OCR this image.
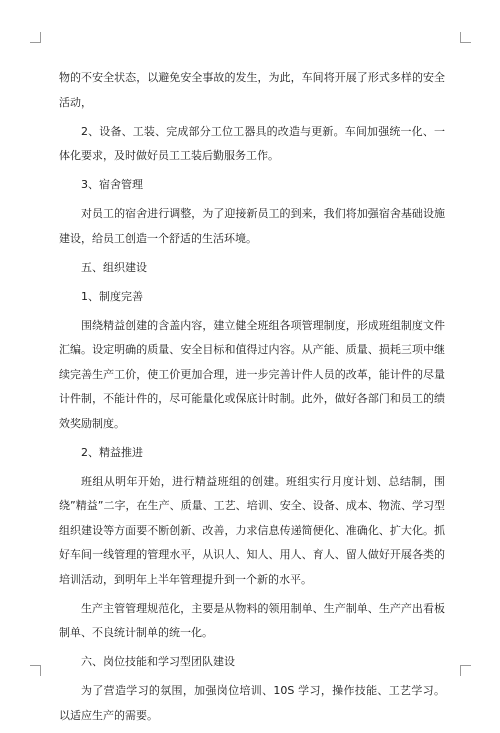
物的不安全状态，以避免安全事故的发生，为此，车间将开展了形式多样的安全活动，

2、设备、工装、完成部分工位工器具的改造与更新。车间加强统一化、一体化要求，及时做好员工工装后勤服务工作。

3、宿舍管理

对员工的宿舍进行调整，为了迎接新员工的到来，我们将加强宿舍基础设施建设，给员工创造一个舒适的生活环境。

五、组织建设

1、制度完善

围绕精益创建的含盖内容，建立健全班组各项管理制度，形成班组制度文件汇编。设定明确的质量、安全目标和值得过内容。从产能、质量、损耗三项中继续完善生产工价，使工价更加合理，进一步完善计件人员的改革，能计件的尽量计件制，不能计件的，尽可能量化或保底计时制。此外，做好各部门和员工的绩效奖励制度。

2、精益推进

班组从明年开始，进行精益班组的创建。班组实行月度计划、总结制，围绕”精益”二字，在生产、质量、工艺、培训、安全、设备、成本、物流、学习型组织建设等方面要不断创新、改善，力求信息传递简便化、准确化、扩大化。抓好车间一线管理的管理水平，从识人、知人、用人、育人、留人做好开展各类的培训活动，到明年上半年管理提升到一个新的水平。

生产主管管理规范化，主要是从物料的领用制单、生产制单、生产产出看板制单、不良统计制单的统一化。

六、岗位技能和学习型团队建设

为了营造学习的氛围，加强岗位培训、10S 学习，操作技能、工艺学习。以适应生产的需要。
